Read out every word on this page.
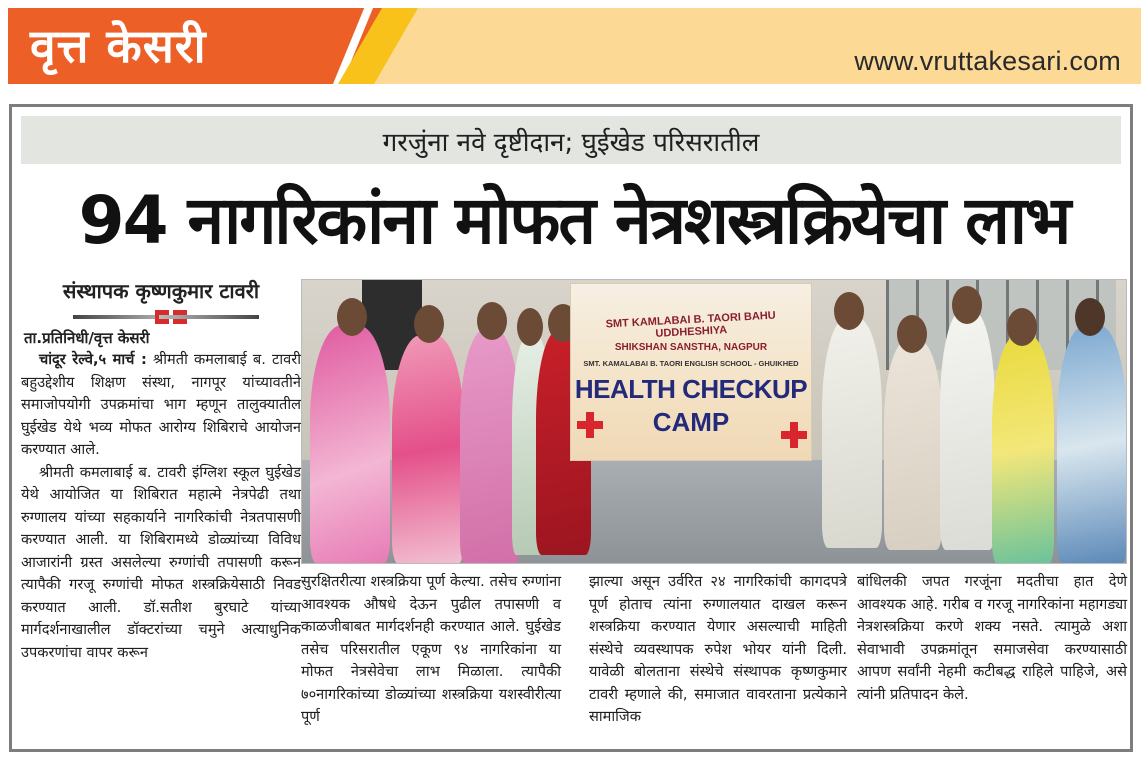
वृत्त केसरी	www.vruttakesari.com
गरजुंना नवे दृष्टीदान; घुईखेड परिसरातील
94 नागरिकांना मोफत नेत्रशस्त्रक्रियेचा लाभ
संस्थापक कृष्णकुमार टावरी
ता.प्रतिनिधी/वृत्त केसरी

चांदूर रेल्वे,५ मार्च : श्रीमती कमलाबाई ब. टावरी बहुउद्देशीय शिक्षण संस्था, नागपूर यांच्यावतीने समाजोपयोगी उपक्रमांचा भाग म्हणून तालुक्यातील घुईखेड येथे भव्य मोफत आरोग्य शिबिराचे आयोजन करण्यात आले.

श्रीमती कमलाबाई ब. टावरी इंग्लिश स्कूल घुईखेड येथे आयोजित या शिबिरात महात्मे नेत्रपेढी तथा रुग्णालय यांच्या सहकार्याने नागरिकांची नेत्रतपासणी करण्यात आली. या शिबिरामध्ये डोळ्यांच्या विविध आजारांनी ग्रस्त असलेल्या रुग्णांची तपासणी करून त्यापैकी गरजू रुग्णांची मोफत शस्त्रक्रियेसाठी निवड करण्यात आली. डॉ.सतीश बुरघाटे यांच्या मार्गदर्शनाखालील डॉक्टरांच्या चमुने अत्याधुनिक उपकरणांचा वापर करून

SMT KAMLABAI B. TAORI BAHU UDDHESHIYA
SHIKSHAN SANSTHA, NAGPUR
SMT. KAMALABAI B. TAORI ENGLISH SCHOOL - GHUIKHED
HEALTH CHECKUP
CAMP

सुरक्षितरीत्या शस्त्रक्रिया पूर्ण केल्या. तसेच रुग्णांना आवश्यक औषधे देऊन पुढील तपासणी व काळजीबाबत मार्गदर्शनही करण्यात आले. घुईखेड तसेच परिसरातील एकूण ९४ नागरिकांना या मोफत नेत्रसेवेचा लाभ मिळाला. त्यापैकी ७०नागरिकांच्या डोळ्यांच्या शस्त्रक्रिया यशस्वीरीत्या पूर्ण

झाल्या असून उर्वरित २४ नागरिकांची कागदपत्रे पूर्ण होताच त्यांना रुग्णालयात दाखल करून शस्त्रक्रिया करण्यात येणार असल्याची माहिती संस्थेचे व्यवस्थापक रुपेश भोयर यांनी दिली. यावेळी बोलताना संस्थेचे संस्थापक कृष्णकुमार टावरी म्हणाले की, समाजात वावरताना प्रत्येकाने सामाजिक

बांधिलकी जपत गरजूंना मदतीचा हात देणे आवश्यक आहे. गरीब व गरजू नागरिकांना महागड्या नेत्रशस्त्रक्रिया करणे शक्य नसते. त्यामुळे अशा सेवाभावी उपक्रमांतून समाजसेवा करण्यासाठी आपण सर्वांनी नेहमी कटीबद्ध राहिले पाहिजे, असे त्यांनी प्रतिपादन केले.
